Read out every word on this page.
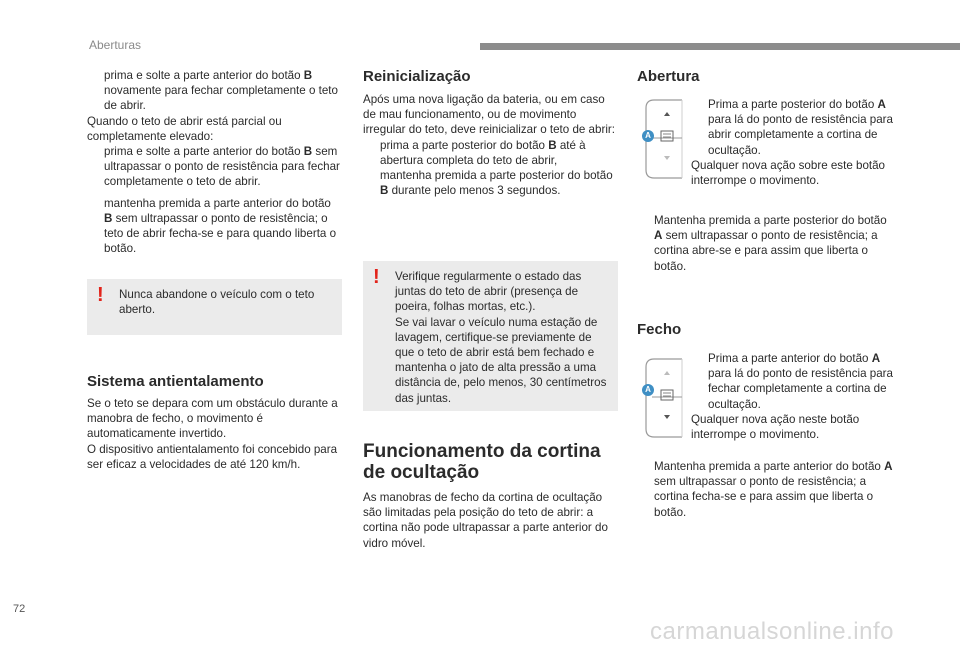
Aberturas
prima e solte a parte anterior do botão B novamente para fechar completamente o teto de abrir.

Quando o teto de abrir está parcial ou completamente elevado:

prima e solte a parte anterior do botão B sem ultrapassar o ponto de resistência para fechar completamente o teto de abrir.
mantenha premida a parte anterior do botão B sem ultrapassar o ponto de resistência; o teto de abrir fecha-se e para quando liberta o botão.
! Nunca abandone o veículo com o teto aberto.

Sistema antientalamento

Se o teto se depara com um obstáculo durante a manobra de fecho, o movimento é automaticamente invertido.

O dispositivo antientalamento foi concebido para ser eficaz a velocidades de até 120 km/h.

Reinicialização

Após uma nova ligação da bateria, ou em caso de mau funcionamento, ou de movimento irregular do teto, deve reinicializar o teto de abrir:

prima a parte posterior do botão B até à abertura completa do teto de abrir,
mantenha premida a parte posterior do botão B durante pelo menos 3 segundos.
! Verifique regularmente o estado das juntas do teto de abrir (presença de poeira, folhas mortas, etc.).

Se vai lavar o veículo numa estação de lavagem, certifique-se previamente de que o teto de abrir está bem fechado e mantenha o jato de alta pressão a uma distância de, pelo menos, 30 centímetros das juntas.

Funcionamento da cortina
de ocultação

As manobras de fecho da cortina de ocultação são limitadas pela posição do teto de abrir: a cortina não pode ultrapassar a parte anterior do vidro móvel.

Abertura
A
Prima a parte posterior do botão A para lá do ponto de resistência para abrir completamente a cortina de ocultação.

Qualquer nova ação sobre este botão interrompe o movimento.

Mantenha premida a parte posterior do botão A sem ultrapassar o ponto de resistência; a cortina abre-se e para assim que liberta o botão.
Fecho
A
Prima a parte anterior do botão A para lá do ponto de resistência para fechar completamente a cortina de ocultação.

Qualquer nova ação neste botão interrompe o movimento.

Mantenha premida a parte anterior do botão A sem ultrapassar o ponto de resistência; a cortina fecha-se e para assim que liberta o botão.
72
carmanualsonline.info
